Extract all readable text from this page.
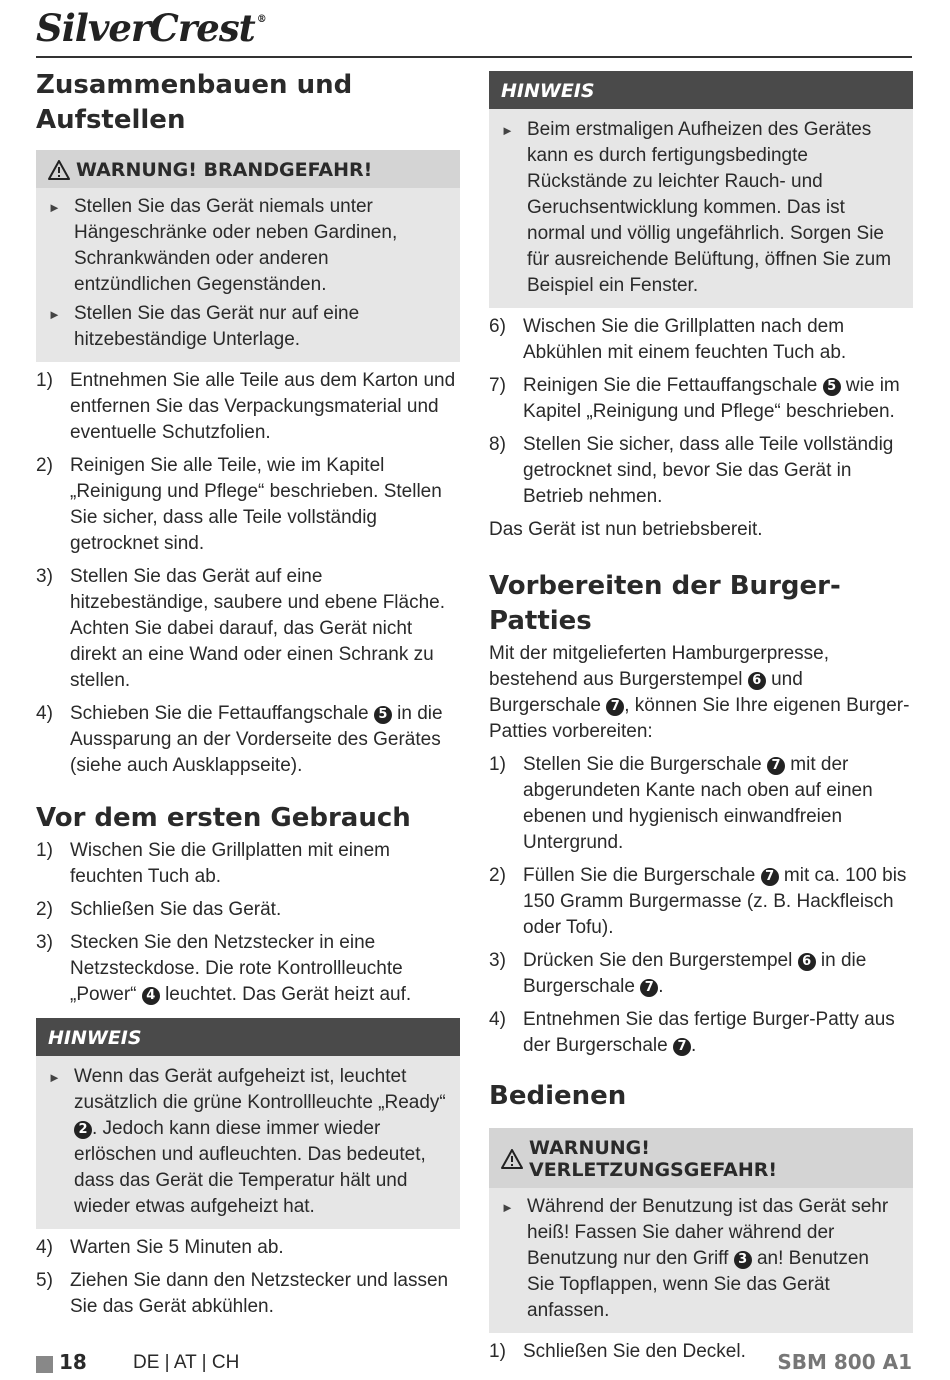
SilverCrest ®
Zusammenbauen und Aufstellen
WARNUNG! BRANDGEFAHR!
► Stellen Sie das Gerät niemals unter Hängeschränke oder neben Gardinen, Schrankwänden oder anderen entzündlichen Gegenständen.
► Stellen Sie das Gerät nur auf eine hitzebeständige Unterlage.
1) Entnehmen Sie alle Teile aus dem Karton und entfernen Sie das Verpackungsmaterial und eventuelle Schutzfolien.
2) Reinigen Sie alle Teile, wie im Kapitel „Reinigung und Pflege“ beschrieben. Stellen Sie sicher, dass alle Teile vollständig getrocknet sind.
3) Stellen Sie das Gerät auf eine hitzebeständige, saubere und ebene Fläche. Achten Sie dabei darauf, das Gerät nicht direkt an eine Wand oder einen Schrank zu stellen.
4) Schieben Sie die Fettauffangschale 5 in die Aussparung an der Vorderseite des Gerätes (siehe auch Ausklappseite).
Vor dem ersten Gebrauch
1) Wischen Sie die Grillplatten mit einem feuchten Tuch ab.
2) Schließen Sie das Gerät.
3) Stecken Sie den Netzstecker in eine Netzsteckdose. Die rote Kontrollleuchte „Power“ 4 leuchtet. Das Gerät heizt auf.
HINWEIS
► Wenn das Gerät aufgeheizt ist, leuchtet zusätzlich die grüne Kontrollleuchte „Ready“ 2 . Jedoch kann diese immer wieder erlöschen und aufleuchten. Das bedeutet, dass das Gerät die Temperatur hält und wieder etwas aufgeheizt hat.
4) Warten Sie 5 Minuten ab.
5) Ziehen Sie dann den Netzstecker und lassen Sie das Gerät abkühlen.
HINWEIS
► Beim erstmaligen Aufheizen des Gerätes kann es durch fertigungsbedingte Rückstände zu leichter Rauch- und Geruchsentwicklung kommen. Das ist normal und völlig ungefährlich. Sorgen Sie für ausreichende Belüftung, öffnen Sie zum Beispiel ein Fenster.
6) Wischen Sie die Grillplatten nach dem Abkühlen mit einem feuchten Tuch ab.
7) Reinigen Sie die Fettauffangschale 5 wie im Kapitel „Reinigung und Pflege“ beschrieben.
8) Stellen Sie sicher, dass alle Teile vollständig getrocknet sind, bevor Sie das Gerät in Betrieb nehmen.

Das Gerät ist nun betriebsbereit.

Vorbereiten der Burger-Patties

Mit der mitgelieferten Hamburgerpresse, bestehend aus Burgerstempel 6 und Burgerschale 7 , können Sie Ihre eigenen Burger-Patties vorbereiten:

1) Stellen Sie die Burgerschale 7 mit der abgerundeten Kante nach oben auf einen ebenen und hygienisch einwandfreien Untergrund.
2) Füllen Sie die Burgerschale 7 mit ca. 100 bis 150 Gramm Burgermasse (z. B. Hackfleisch oder Tofu).
3) Drücken Sie den Burgerstempel 6 in die Burgerschale 7 .
4) Entnehmen Sie das fertige Burger-Patty aus der Burgerschale 7 .
Bedienen
WARNUNG! VERLETZUNGSGEFAHR!
► Während der Benutzung ist das Gerät sehr heiß! Fassen Sie daher während der Benutzung nur den Griff 3 an! Benutzen Sie Topflappen, wenn Sie das Gerät anfassen.
1) Schließen Sie den Deckel.
18 DE | AT | CH	SBM 800 A1
